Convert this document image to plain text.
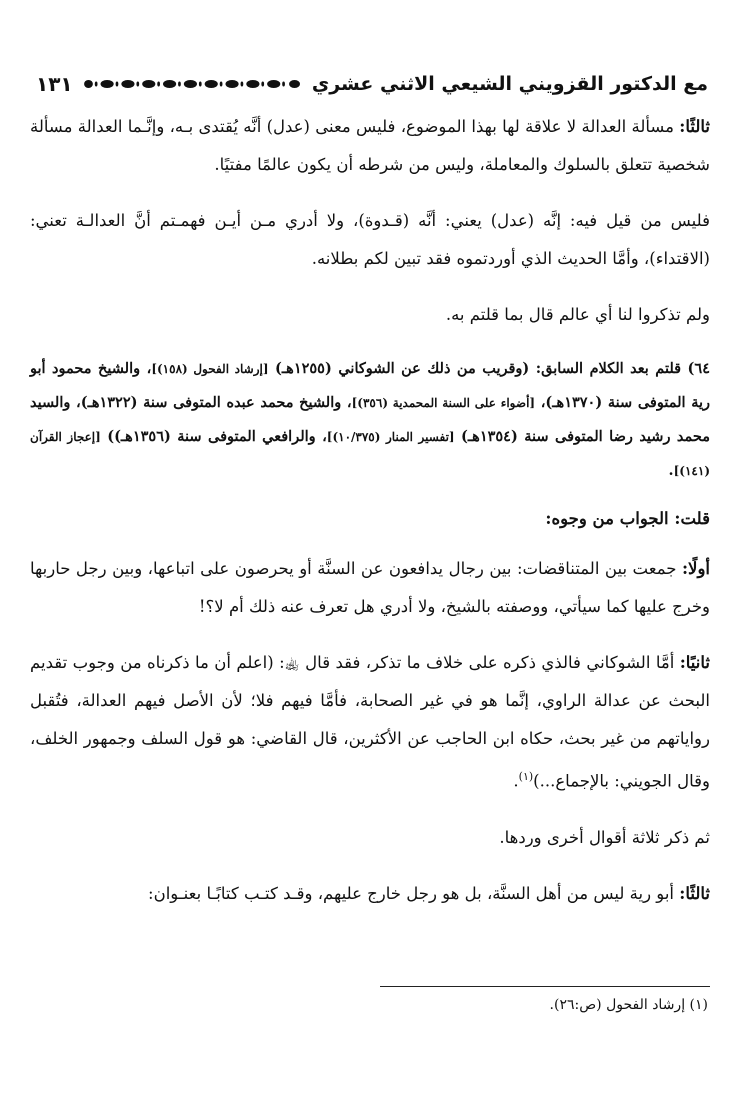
مع الدكتور القزويني الشيعي الاثني عشري
١٣١

ثالثًا: مسألة العدالة لا علاقة لها بهذا الموضوع، فليس معنى (عدل) أنَّه يُقتدى بـه، وإنَّـما العدالة مسألة شخصية تتعلق بالسلوك والمعاملة، وليس من شرطه أن يكون عالمًا مفتيًا.

فليس من قيل فيه: إنَّه (عدل) يعني: أنَّه (قـدوة)، ولا أدري مـن أيـن فهمـتم أنَّ العدالـة تعني: (الاقتداء)، وأمَّا الحديث الذي أوردتموه فقد تبين لكم بطلانه.

ولم تذكروا لنا أي عالم قال بما قلتم به.

٦٤) قلتم بعد الكلام السابق: (وقريب من ذلك عن الشوكاني (١٢٥٥هـ) [إرشاد الفحول (١٥٨)]، والشيخ محمود أبو رية المتوفى سنة (١٣٧٠هـ)، [أضواء على السنة المحمدية (٣٥٦)]، والشيخ محمد عبده المتوفى سنة (١٣٢٢هـ)، والسيد محمد رشيد رضا المتوفى سنة (١٣٥٤هـ) [تفسير المنار (١٠/٣٧٥)]، والرافعي المتوفى سنة (١٣٥٦هـ)) [إعجاز القرآن (١٤١)].

قلت: الجواب من وجوه:

أولًا: جمعت بين المتناقضات: بين رجال يدافعون عن السنَّة أو يحرصون على اتباعها، وبين رجل حاربها وخرج عليها كما سيأتي، ووصفته بالشيخ، ولا أدري هل تعرف عنه ذلك أم لا؟!

ثانيًا: أمَّا الشوكاني فالذي ذكره على خلاف ما تذكر، فقد قال ﵀: (اعلم أن ما ذكرناه من وجوب تقديم البحث عن عدالة الراوي، إنَّما هو في غير الصحابة، فأمَّا فيهم فلا؛ لأن الأصل فيهم العدالة، فتُقبل رواياتهم من غير بحث، حكاه ابن الحاجب عن الأكثرين، قال القاضي: هو قول السلف وجمهور الخلف، وقال الجويني: بالإجماع...)$^{(١)}$.

ثم ذكر ثلاثة أقوال أخرى وردها.

ثالثًا: أبو رية ليس من أهل السنَّة، بل هو رجل خارج عليهم، وقـد كتـب كتابًـا بعنـوان:

(١) إرشاد الفحول (ص:٢٦).
